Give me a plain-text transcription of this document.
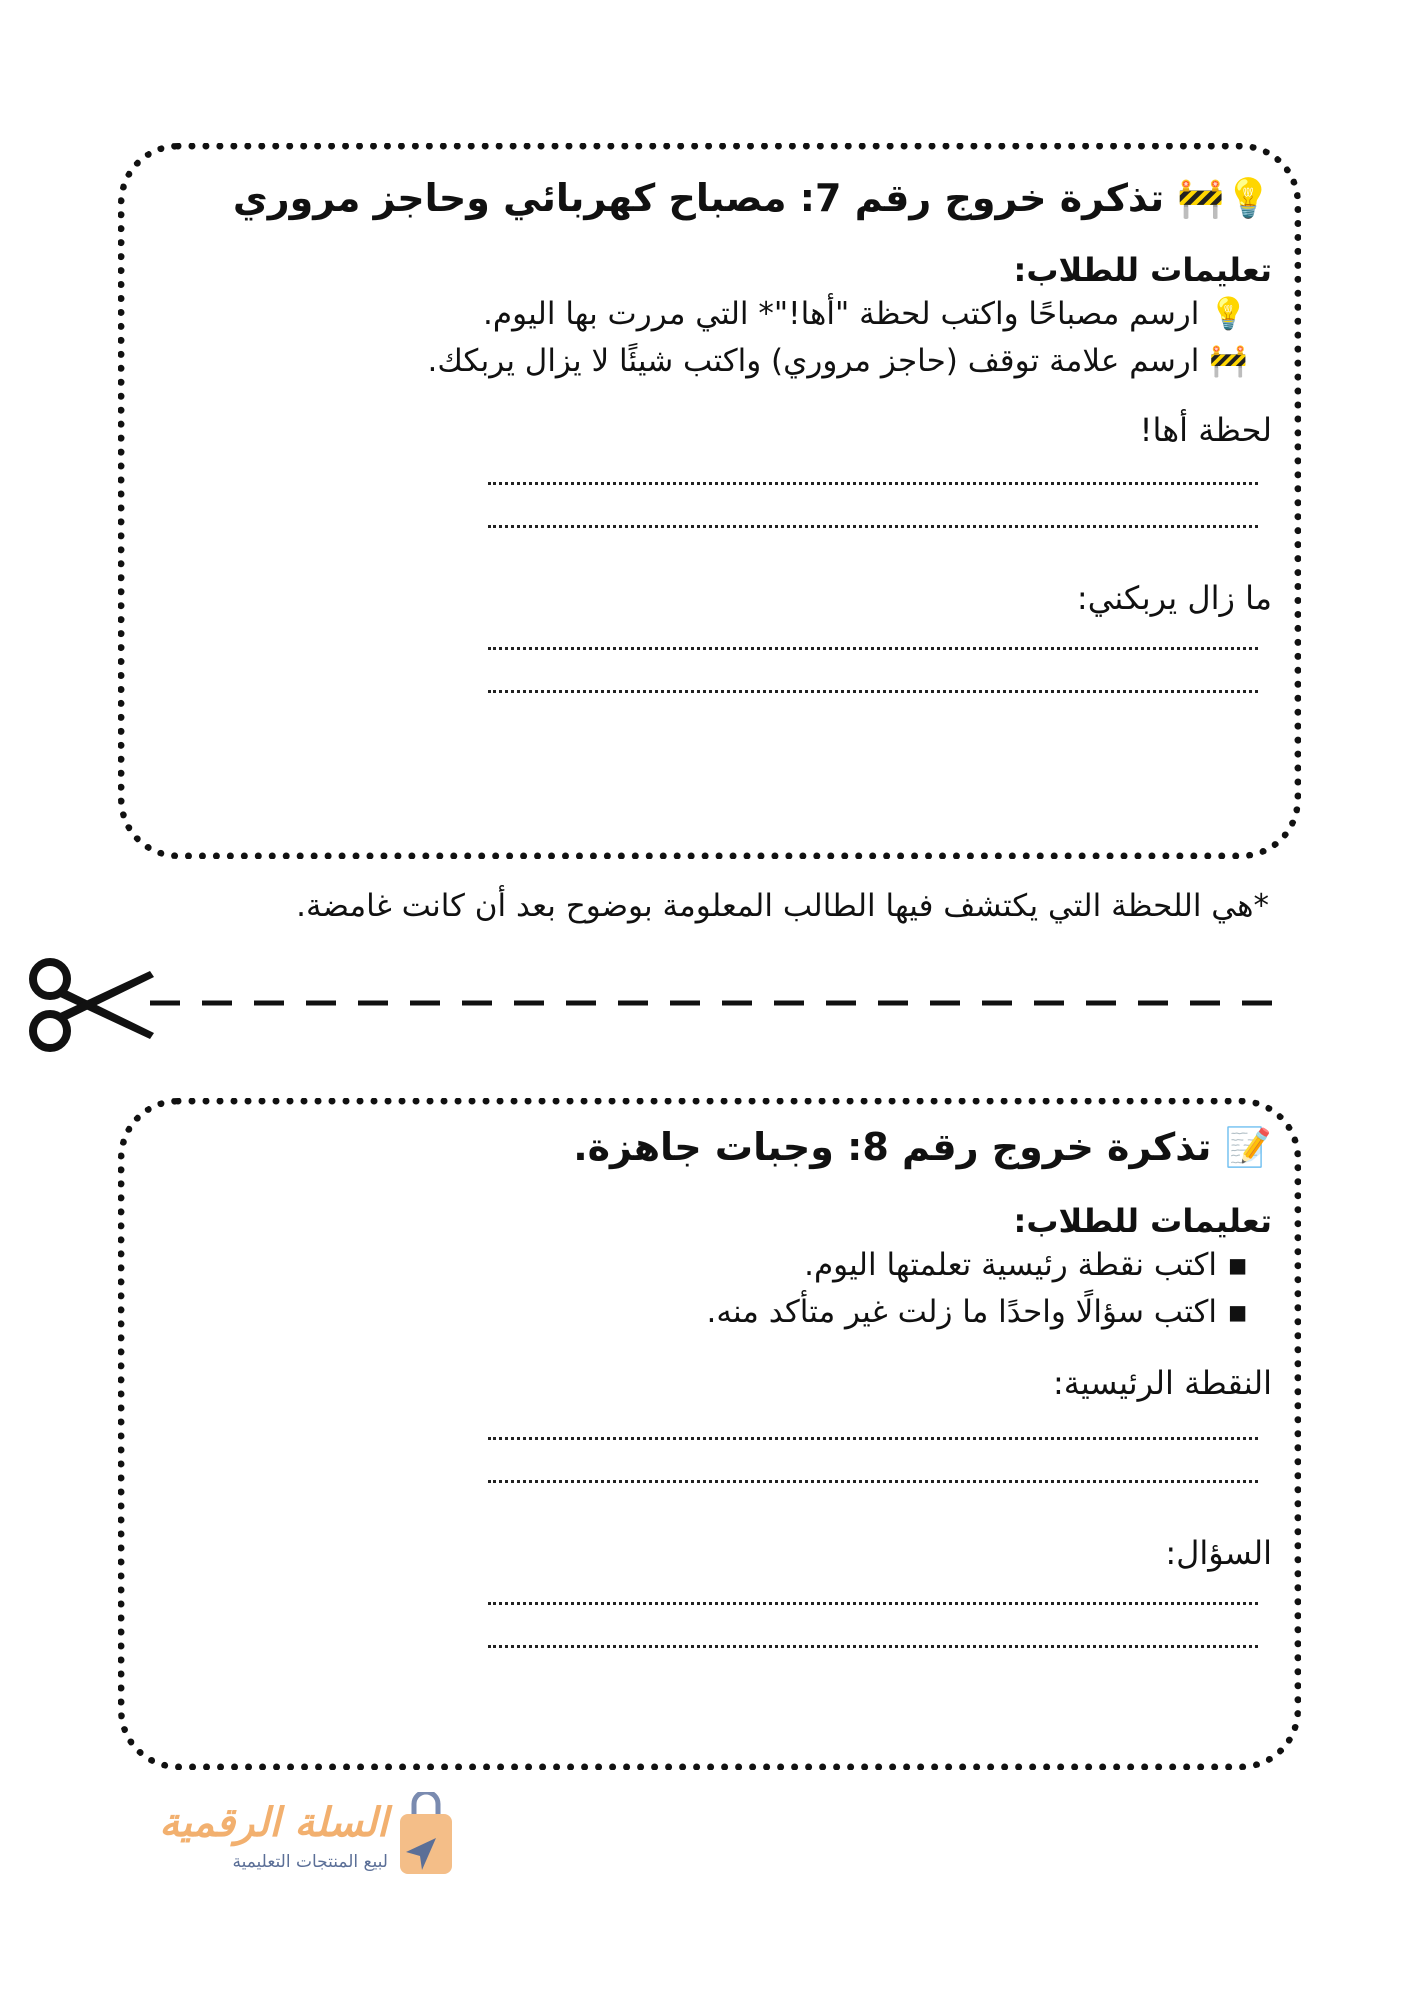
💡🚧 تذكرة خروج رقم 7: مصباح كهربائي وحاجز مروري
تعليمات للطلاب:
💡ارسم مصباحًا واكتب لحظة "أها!"* التي مررت بها اليوم.
🚧ارسم علامة توقف (حاجز مروري) واكتب شيئًا لا يزال يربكك.
لحظة أها!
ما زال يربكني:
*هي اللحظة التي يكتشف فيها الطالب المعلومة بوضوح بعد أن كانت غامضة.
📝 تذكرة خروج رقم 8: وجبات جاهزة.
تعليمات للطلاب:
▪اكتب نقطة رئيسية تعلمتها اليوم.
▪اكتب سؤالًا واحدًا ما زلت غير متأكد منه.
النقطة الرئيسية:
السؤال:
السلة الرقمية
لبيع المنتجات التعليمية
